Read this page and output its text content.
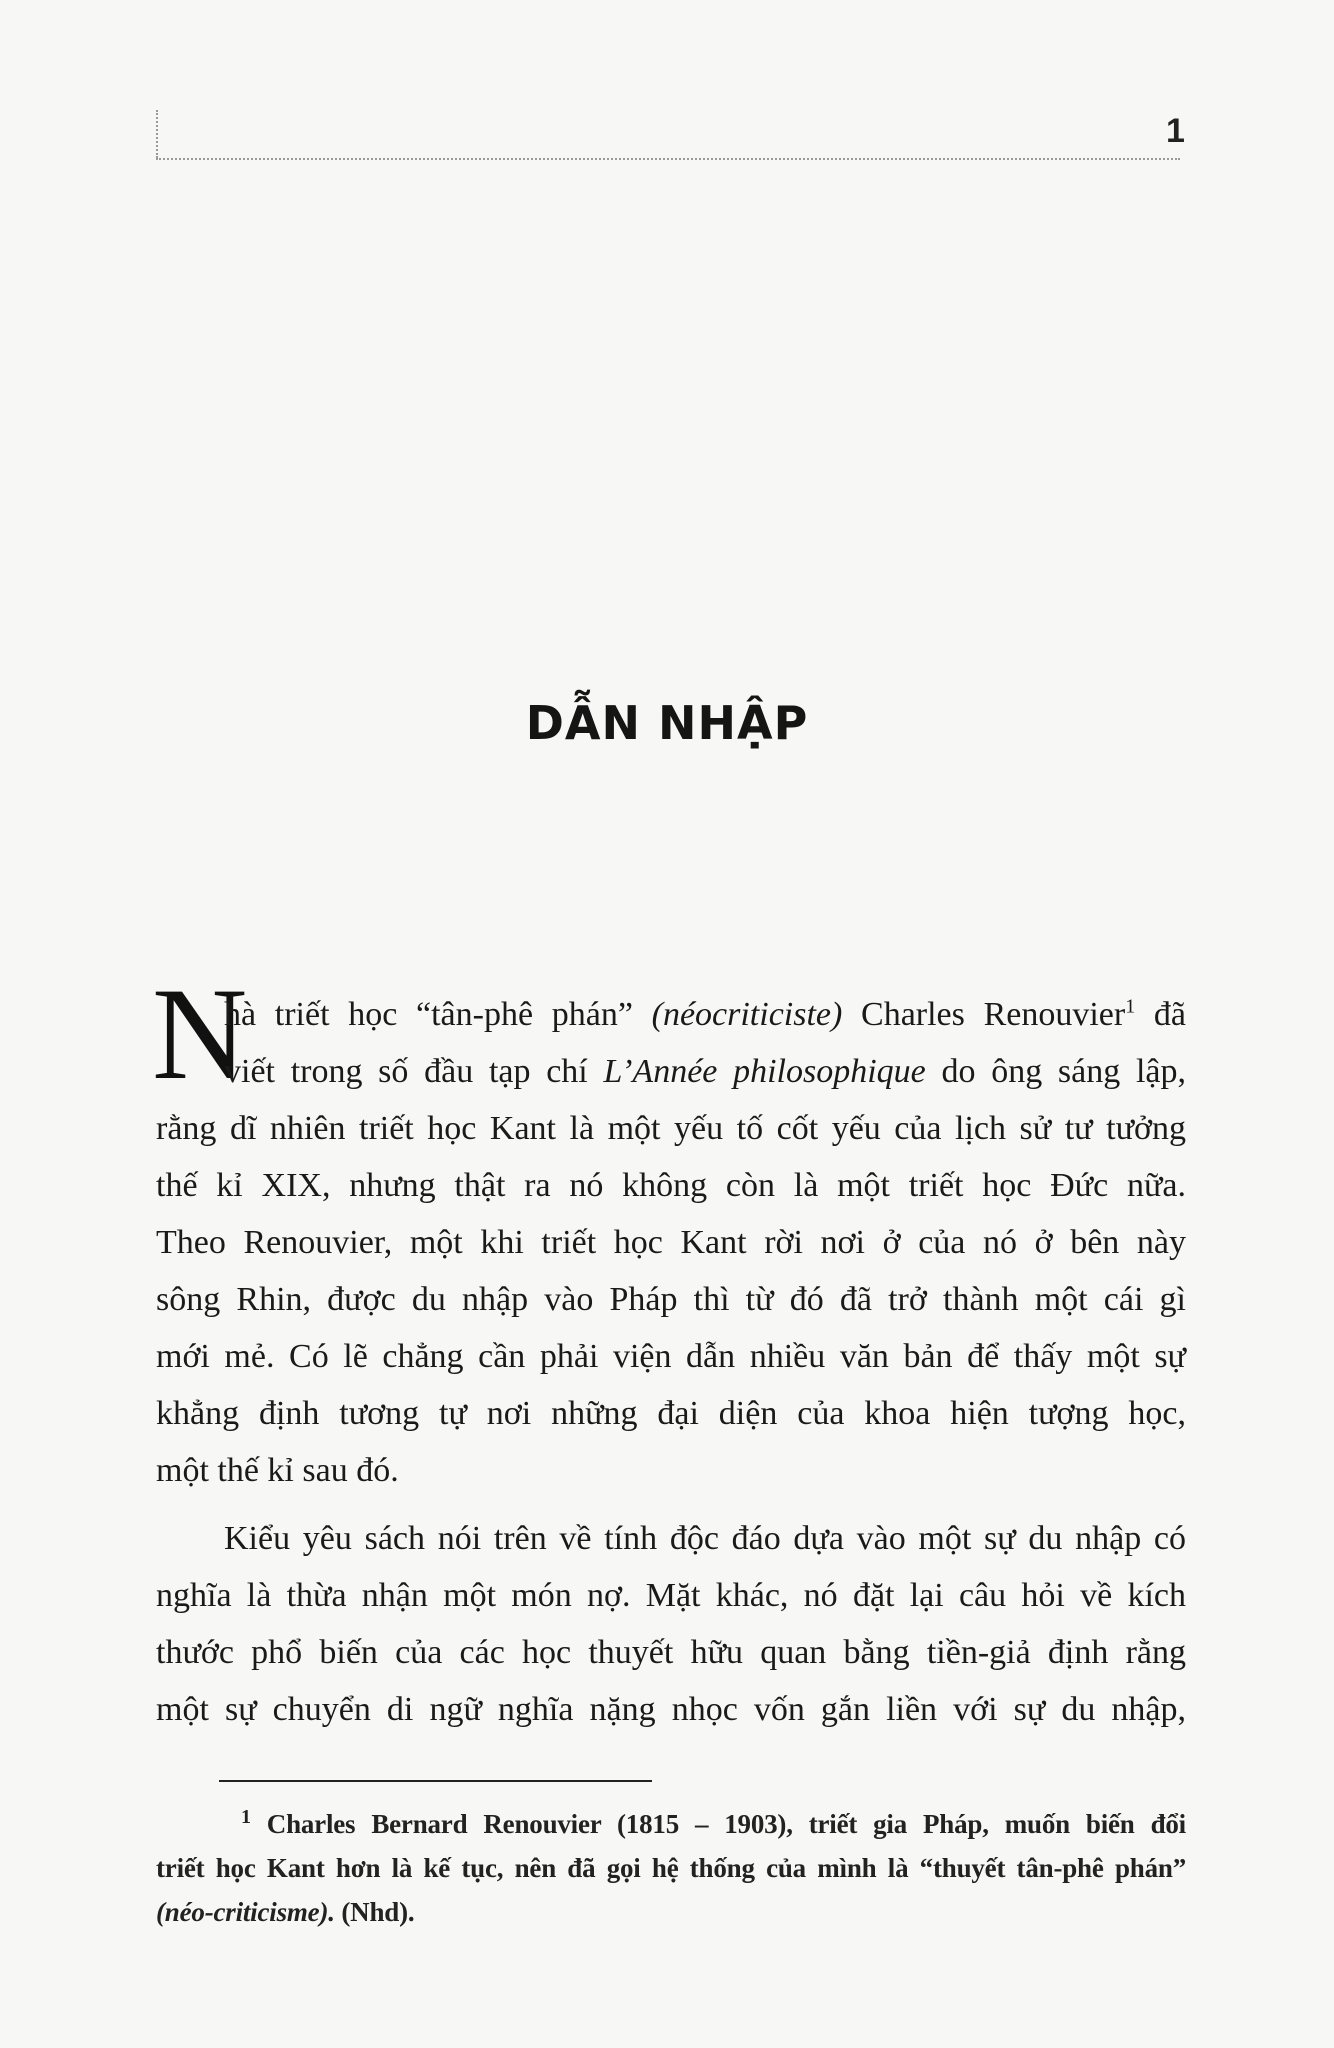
1
DẪN NHẬP
N
hà triết học “tân-phê phán” (néocriticiste) Charles Renouvier$^1$ đã
viết trong số đầu tạp chí L’Année philosophique do ông sáng lập,
rằng dĩ nhiên triết học Kant là một yếu tố cốt yếu của lịch sử tư tưởng
thế kỉ XIX, nhưng thật ra nó không còn là một triết học Đức nữa.
Theo Renouvier, một khi triết học Kant rời nơi ở của nó ở bên này
sông Rhin, được du nhập vào Pháp thì từ đó đã trở thành một cái gì
mới mẻ. Có lẽ chẳng cần phải viện dẫn nhiều văn bản để thấy một sự
khẳng định tương tự nơi những đại diện của khoa hiện tượng học,
một thế kỉ sau đó.
Kiểu yêu sách nói trên về tính độc đáo dựa vào một sự du nhập có
nghĩa là thừa nhận một món nợ. Mặt khác, nó đặt lại câu hỏi về kích
thước phổ biến của các học thuyết hữu quan bằng tiền-giả định rằng
một sự chuyển di ngữ nghĩa nặng nhọc vốn gắn liền với sự du nhập,
$^1$ Charles Bernard Renouvier (1815 – 1903), triết gia Pháp, muốn biến đổi
triết học Kant hơn là kế tục, nên đã gọi hệ thống của mình là “thuyết tân-phê phán”
(néo-criticisme). (Nhd).
